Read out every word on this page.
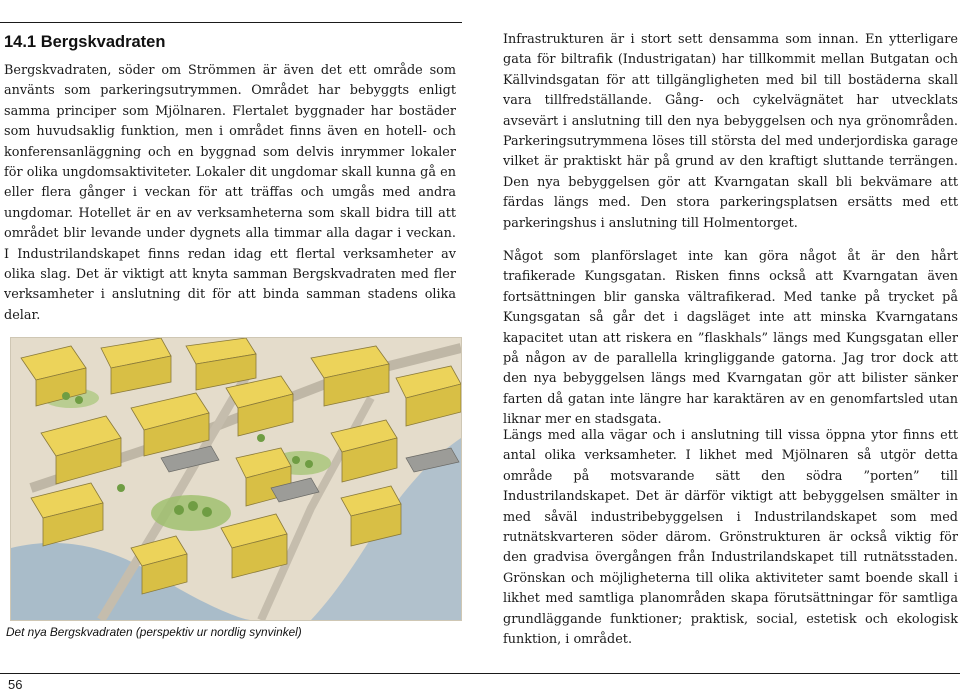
14.1 Bergskvadraten

Bergskvadraten, söder om Strömmen är även det ett område som använts som parkeringsutrymmen. Området har bebyggts enligt samma principer som Mjölnaren. Flertalet byggnader har bostäder som huvudsaklig funktion, men i området finns även en hotell- och konferensanläggning och en byggnad som delvis inrymmer lokaler för olika ungdomsaktiviteter. Lokaler dit ungdomar skall kunna gå en eller flera gånger i veckan för att träffas och umgås med andra ungdomar. Hotellet är en av verksamheterna som skall bidra till att området blir levande under dygnets alla timmar alla dagar i veckan. I Industrilandskapet finns redan idag ett flertal verksamheter av olika slag. Det är viktigt att knyta samman Bergskvadraten med fler verksamheter i anslutning dit för att binda samman stadens olika delar.

Det nya Bergskvadraten (perspektiv ur nordlig synvinkel)

Infrastrukturen är i stort sett densamma som innan. En ytterligare gata för biltrafik (Industrigatan) har tillkommit mellan Butgatan och Källvindsgatan för att tillgängligheten med bil till bostäderna skall vara tillfredställande. Gång- och cykelvägnätet har utvecklats avsevärt i anslutning till den nya bebyggelsen och nya grönområden. Parkeringsutrymmena löses till största del med underjordiska garage vilket är praktiskt här på grund av den kraftigt sluttande terrängen. Den nya bebyggelsen gör att Kvarngatan skall bli bekvämare att färdas längs med. Den stora parkeringsplatsen ersätts med ett parkeringshus i anslutning till Holmentorget.

Något som planförslaget inte kan göra något åt är den hårt trafikerade Kungsgatan. Risken finns också att Kvarngatan även fortsättningen blir ganska vältrafikerad. Med tanke på trycket på Kungsgatan så går det i dagsläget inte att minska Kvarngatans kapacitet utan att riskera en ”flaskhals” längs med Kungsgatan eller på någon av de parallella kringliggande gatorna. Jag tror dock att den nya bebyggelsen längs med Kvarngatan gör att bilister sänker farten då gatan inte längre har karaktären av en genomfartsled utan liknar mer en stadsgata.

Längs med alla vägar och i anslutning till vissa öppna ytor finns ett antal olika verksamheter. I likhet med Mjölnaren så utgör detta område på motsvarande sätt den södra ”porten” till Industrilandskapet. Det är därför viktigt att bebyggelsen smälter in med såväl industribebyggelsen i Industrilandskapet som med rutnätskvarteren söder därom. Grönstrukturen är också viktig för den gradvisa övergången från Industrilandskapet till rutnätsstaden. Grönskan och möjligheterna till olika aktiviteter samt boende skall i likhet med samtliga planområden skapa förutsättningar för samtliga grundläggande funktioner; praktisk, social, estetisk och ekologisk funktion, i området.

56
